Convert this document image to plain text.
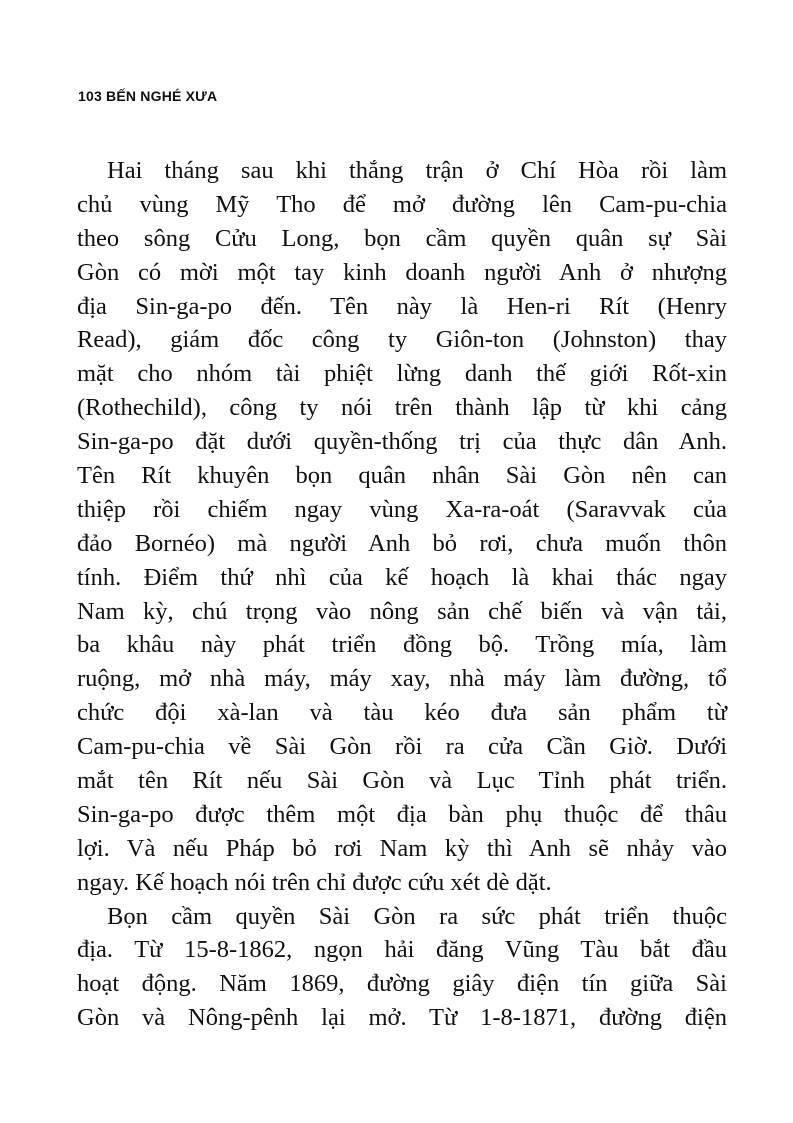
103 BẾN NGHÉ XƯA
Hai tháng sau khi thắng trận ở Chí Hòa rồi làm
chủ vùng Mỹ Tho để mở đường lên Cam-pu-chia
theo sông Cửu Long, bọn cầm quyền quân sự Sài
Gòn có mời một tay kinh doanh người Anh ở nhượng
địa Sin-ga-po đến. Tên này là Hen-ri Rít (Henry
Read), giám đốc công ty Giôn-ton (Johnston) thay
mặt cho nhóm tài phiệt lừng danh thế giới Rốt-xin
(Rothechild), công ty nói trên thành lập từ khi cảng
Sin-ga-po đặt dưới quyền-thống trị của thực dân Anh.
Tên Rít khuyên bọn quân nhân Sài Gòn nên can
thiệp rồi chiếm ngay vùng Xa-ra-oát (Saravvak của
đảo Bornéo) mà người Anh bỏ rơi, chưa muốn thôn
tính. Điểm thứ nhì của kế hoạch là khai thác ngay
Nam kỳ, chú trọng vào nông sản chế biến và vận tải,
ba khâu này phát triển đồng bộ. Trồng mía, làm
ruộng, mở nhà máy, máy xay, nhà máy làm đường, tổ
chức đội xà-lan và tàu kéo đưa sản phẩm từ
Cam-pu-chia về Sài Gòn rồi ra cửa Cần Giờ. Dưới
mắt tên Rít nếu Sài Gòn và Lục Tỉnh phát triển.
Sin-ga-po được thêm một địa bàn phụ thuộc để thâu
lợi. Và nếu Pháp bỏ rơi Nam kỳ thì Anh sẽ nhảy vào
ngay. Kế hoạch nói trên chỉ được cứu xét dè dặt.
Bọn cầm quyền Sài Gòn ra sức phát triển thuộc
địa. Từ 15-8-1862, ngọn hải đăng Vũng Tàu bắt đầu
hoạt động. Năm 1869, đường giây điện tín giữa Sài
Gòn và Nông-pênh lại mở. Từ 1-8-1871, đường điện
